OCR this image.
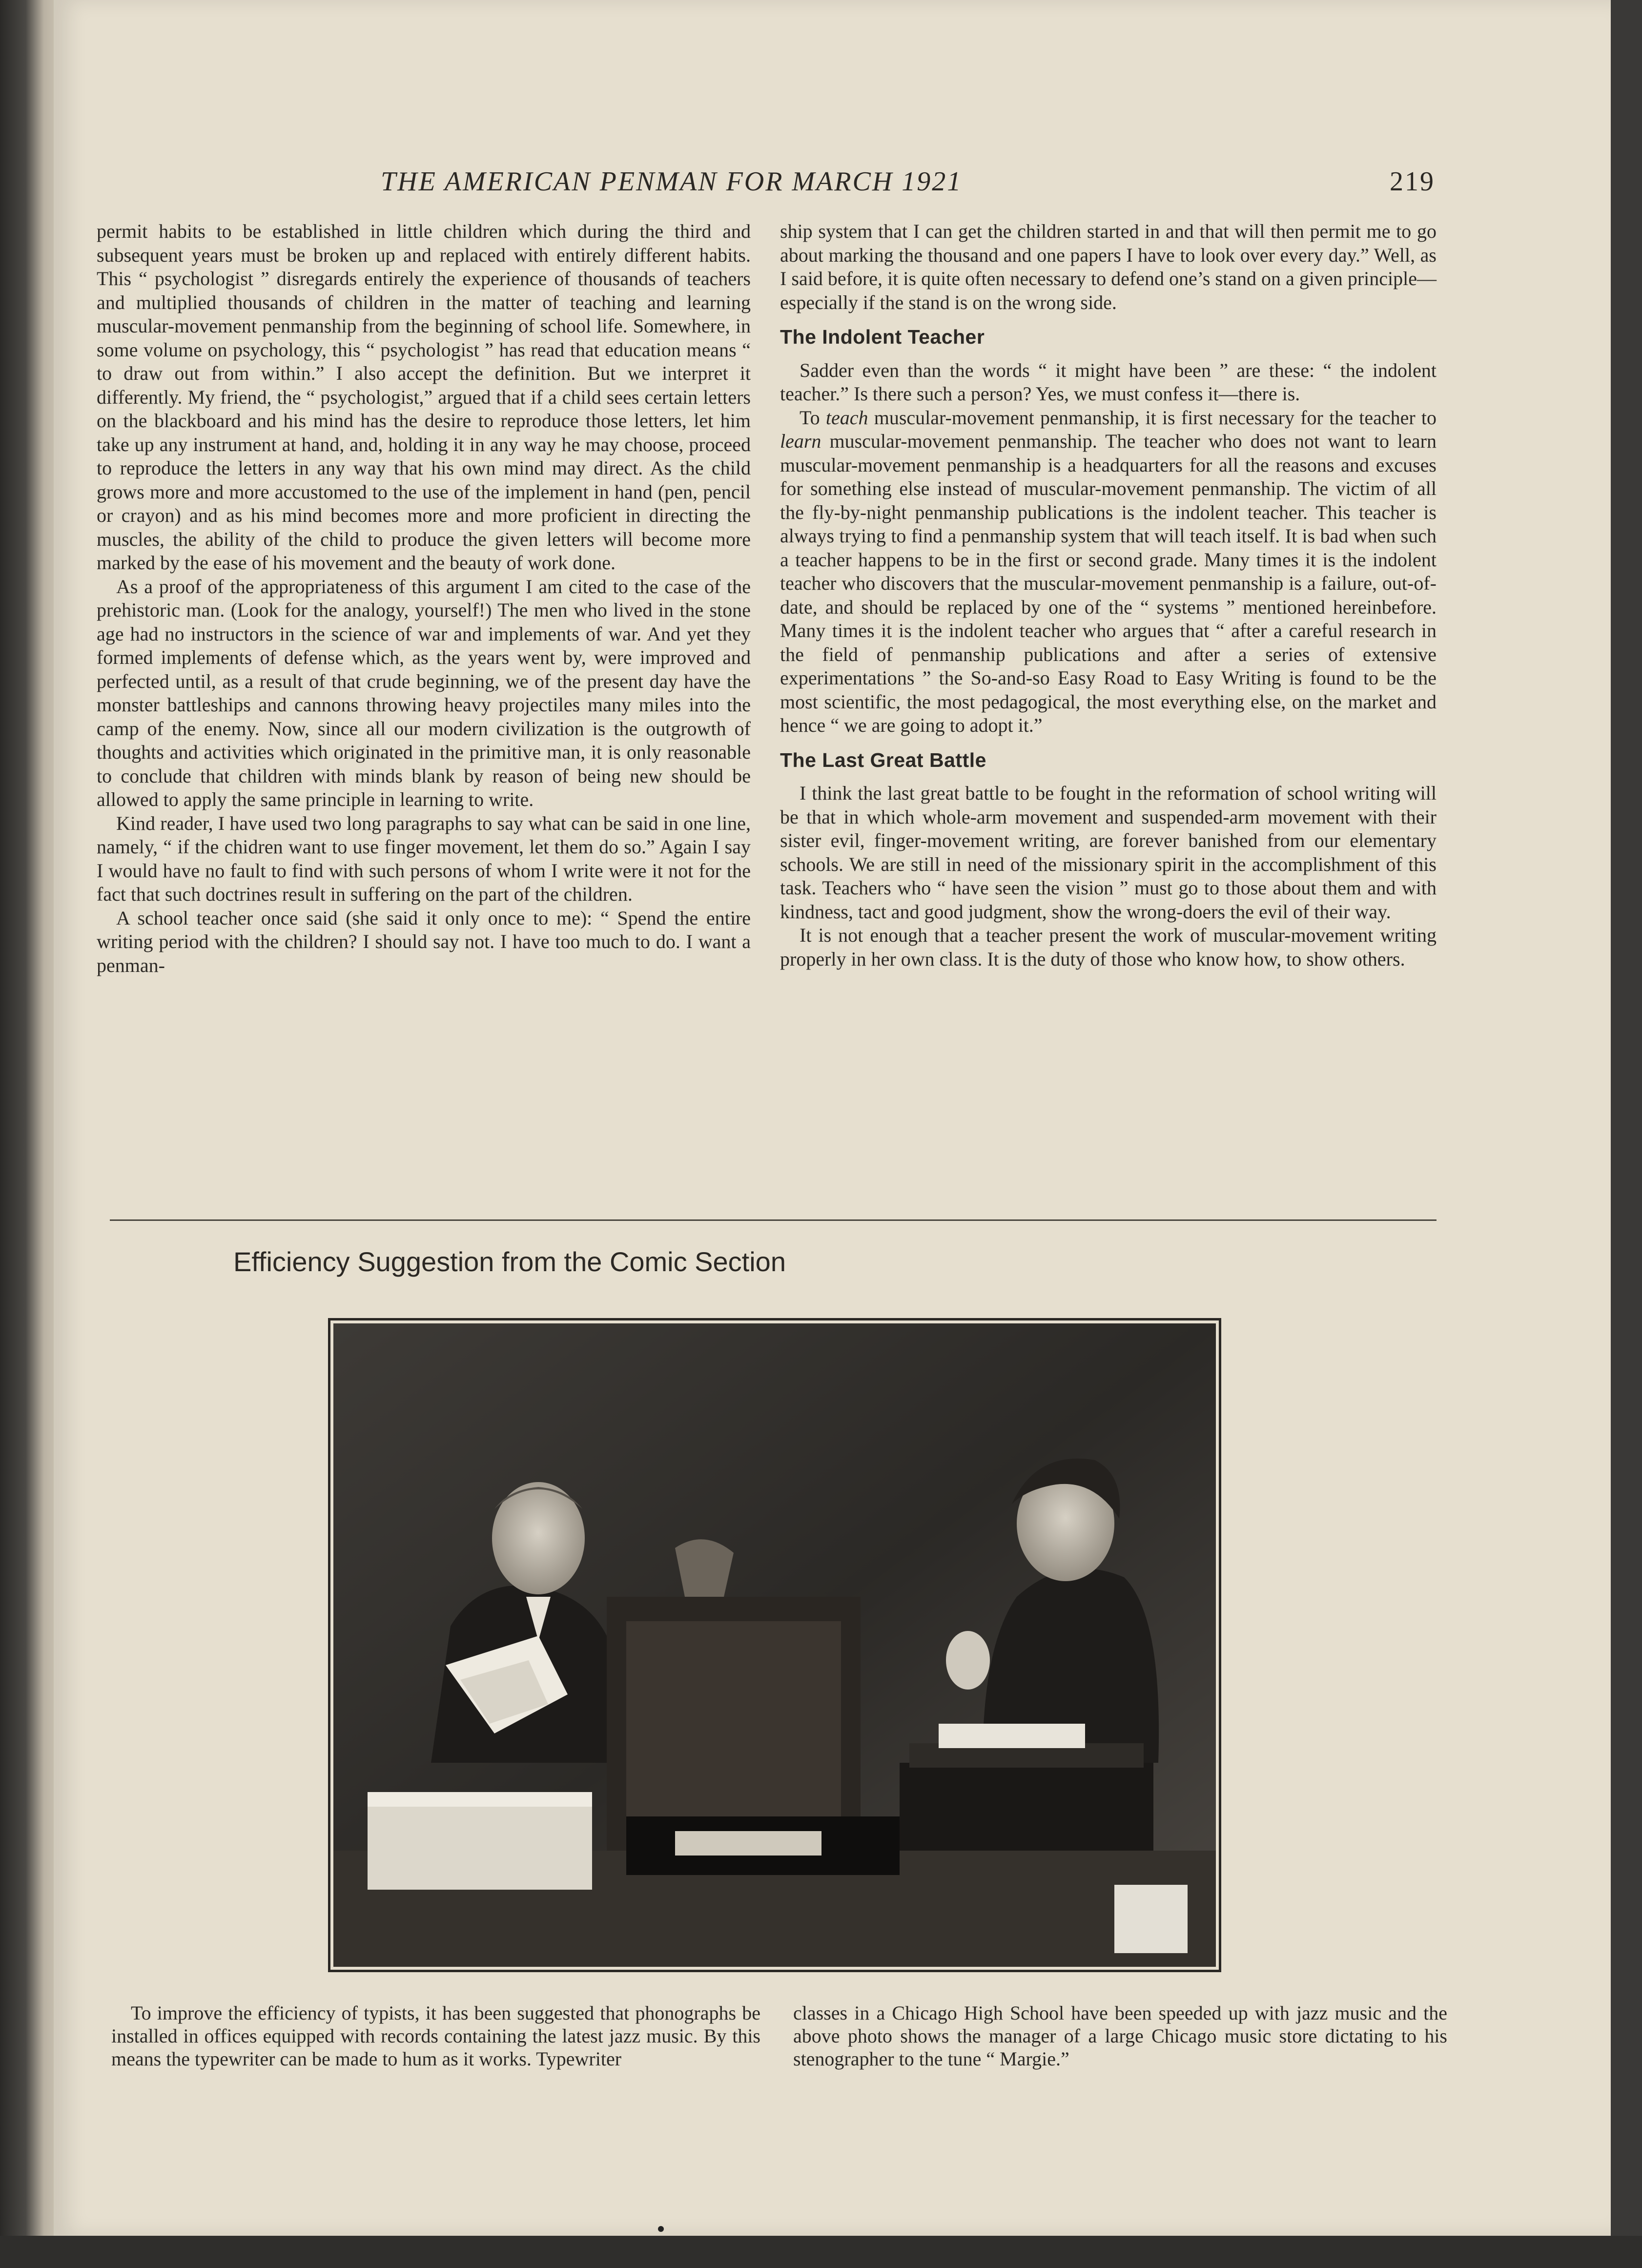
THE AMERICAN PENMAN FOR MARCH 1921	219

permit habits to be established in little children which during the third and subsequent years must be broken up and replaced with entirely different habits. This “ psychologist ” disregards entirely the experience of thousands of teachers and multiplied thousands of children in the matter of teaching and learning muscular-movement penmanship from the beginning of school life. Somewhere, in some volume on psychology, this “ psychologist ” has read that education means “ to draw out from within.” I also accept the definition. But we interpret it differently. My friend, the “ psychologist,” argued that if a child sees certain letters on the blackboard and his mind has the desire to reproduce those letters, let him take up any instrument at hand, and, holding it in any way he may choose, proceed to reproduce the letters in any way that his own mind may direct. As the child grows more and more accustomed to the use of the implement in hand (pen, pencil or crayon) and as his mind becomes more and more proficient in directing the muscles, the ability of the child to produce the given letters will become more marked by the ease of his movement and the beauty of work done.

As a proof of the appropriateness of this argument I am cited to the case of the prehistoric man. (Look for the analogy, yourself!) The men who lived in the stone age had no instructors in the science of war and implements of war. And yet they formed implements of defense which, as the years went by, were improved and perfected until, as a result of that crude beginning, we of the present day have the monster battleships and cannons throwing heavy projectiles many miles into the camp of the enemy. Now, since all our modern civilization is the outgrowth of thoughts and activities which originated in the primitive man, it is only reasonable to conclude that children with minds blank by reason of being new should be allowed to apply the same principle in learning to write.

Kind reader, I have used two long paragraphs to say what can be said in one line, namely, “ if the chidren want to use finger movement, let them do so.” Again I say I would have no fault to find with such persons of whom I write were it not for the fact that such doctrines result in suffering on the part of the children.

A school teacher once said (she said it only once to me): “ Spend the entire writing period with the children? I should say not. I have too much to do. I want a penman-

ship system that I can get the children started in and that will then permit me to go about marking the thousand and one papers I have to look over every day.” Well, as I said before, it is quite often necessary to defend one’s stand on a given principle—especially if the stand is on the wrong side.

The Indolent Teacher

Sadder even than the words “ it might have been ” are these: “ the indolent teacher.” Is there such a person? Yes, we must confess it—there is.

To teach muscular-movement penmanship, it is first necessary for the teacher to learn muscular-movement penmanship. The teacher who does not want to learn muscular-movement penmanship is a headquarters for all the reasons and excuses for something else instead of muscular-movement penmanship. The victim of all the fly-by-night penmanship publications is the indolent teacher. This teacher is always trying to find a penmanship system that will teach itself. It is bad when such a teacher happens to be in the first or second grade. Many times it is the indolent teacher who discovers that the muscular-movement penmanship is a failure, out-of-date, and should be replaced by one of the “ systems ” mentioned hereinbefore. Many times it is the indolent teacher who argues that “ after a careful research in the field of penmanship publications and after a series of extensive experimentations ” the So-and-so Easy Road to Easy Writing is found to be the most scientific, the most pedagogical, the most everything else, on the market and hence “ we are going to adopt it.”

The Last Great Battle

I think the last great battle to be fought in the reformation of school writing will be that in which whole-arm movement and suspended-arm movement with their sister evil, finger-movement writing, are forever banished from our elementary schools. We are still in need of the missionary spirit in the accomplishment of this task. Teachers who “ have seen the vision ” must go to those about them and with kindness, tact and good judgment, show the wrong-doers the evil of their way.

It is not enough that a teacher present the work of muscular-movement writing properly in her own class. It is the duty of those who know how, to show others.

Efficiency Suggestion from the Comic Section

To improve the efficiency of typists, it has been suggested that phonographs be installed in offices equipped with records containing the latest jazz music. By this means the typewriter can be made to hum as it works. Typewriter

classes in a Chicago High School have been speeded up with jazz music and the above photo shows the manager of a large Chicago music store dictating to his stenographer to the tune “ Margie.”
